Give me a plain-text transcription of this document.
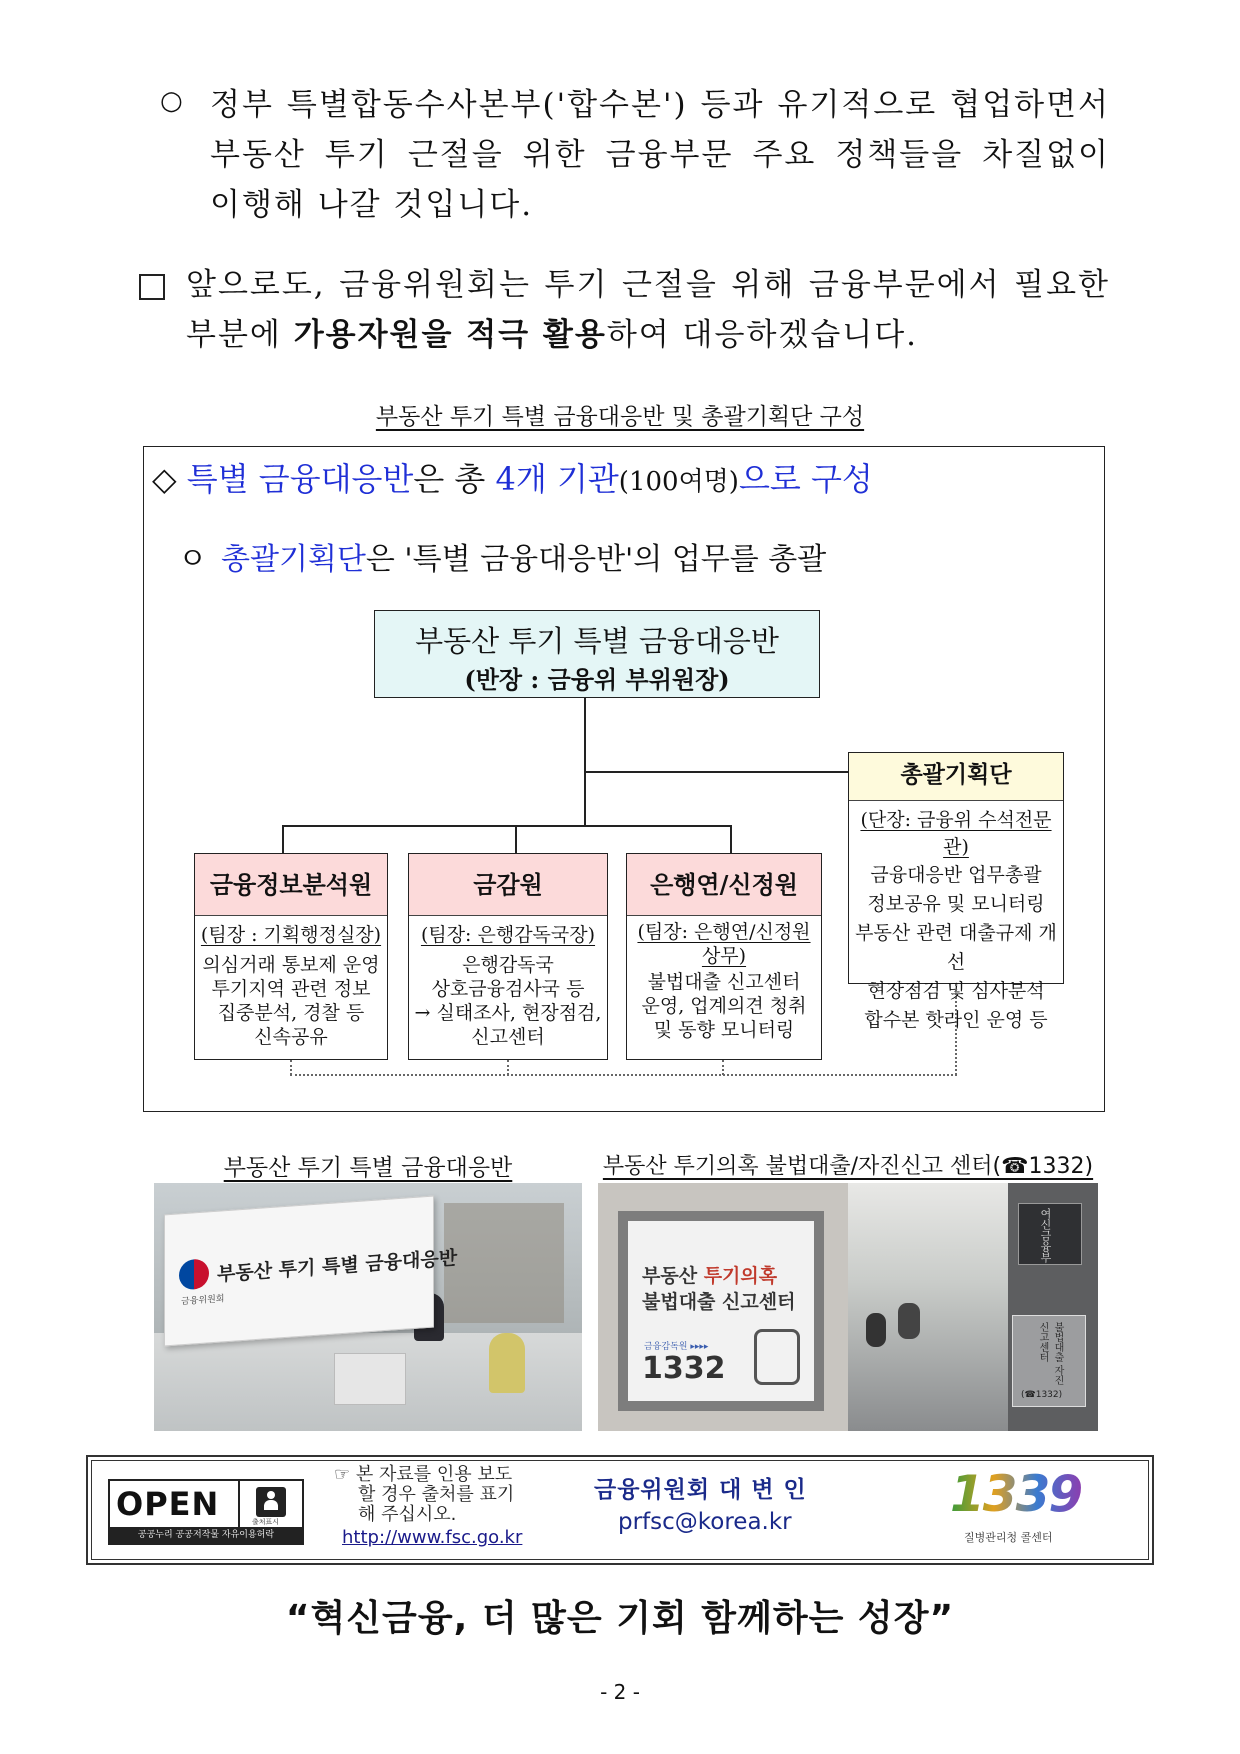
○ 정부 특별합동수사본부('합수본') 등과 유기적으로 협업하면서
부동산 투기 근절을 위한 금융부문 주요 정책들을 차질없이
이행해 나갈 것입니다.
앞으로도, 금융위원회는 투기 근절을 위해 금융부문에서 필요한
부분에 가용자원을 적극 활용하여 대응하겠습니다.
부동산 투기 특별 금융대응반 및 총괄기획단 구성
◇ 특별 금융대응반은 총 4개 기관(100여명)으로 구성
ㅇ 총괄기획단은 '특별 금융대응반'의 업무를 총괄
부동산 투기 특별 금융대응반
(반장 : 금융위 부위원장)
총괄기획단
(단장: 금융위 수석전문관)
금융대응반 업무총괄
정보공유 및 모니터링
부동산 관련 대출규제 개선
현장점검 및 심사분석
합수본 핫라인 운영 등
금융정보분석원
(팀장 : 기획행정실장)
의심거래 통보제 운영
투기지역 관련 정보
집중분석, 경찰 등
신속공유
금감원
(팀장: 은행감독국장)
은행감독국
상호금융검사국 등
→ 실태조사, 현장점검,
신고센터
은행연/신정원
(팀장: 은행연/신정원 상무)
불법대출 신고센터
운영, 업계의견 청취
및 동향 모니터링
부동산 투기 특별 금융대응반	부동산 투기의혹 불법대출/자진신고 센터(☎1332)
부동산 투기 특별 금융대응반
금융위원회
부동산 투기의혹
불법대출 신고센터
금융감독원 ▸▸▸▸
1332
여신금융부
불법대출 자진신고센터
(☎1332)
OPEN	출처표시
공공누리 공공저작물 자유이용허락
☞ 본 자료를 인용 보도
할 경우 출처를 표기
해 주십시오.
http://www.fsc.go.kr
금융위원회 대 변 인
prfsc@korea.kr	1339
질병관리청 콜센터
“혁신금융, 더 많은 기회 함께하는 성장”
- 2 -
